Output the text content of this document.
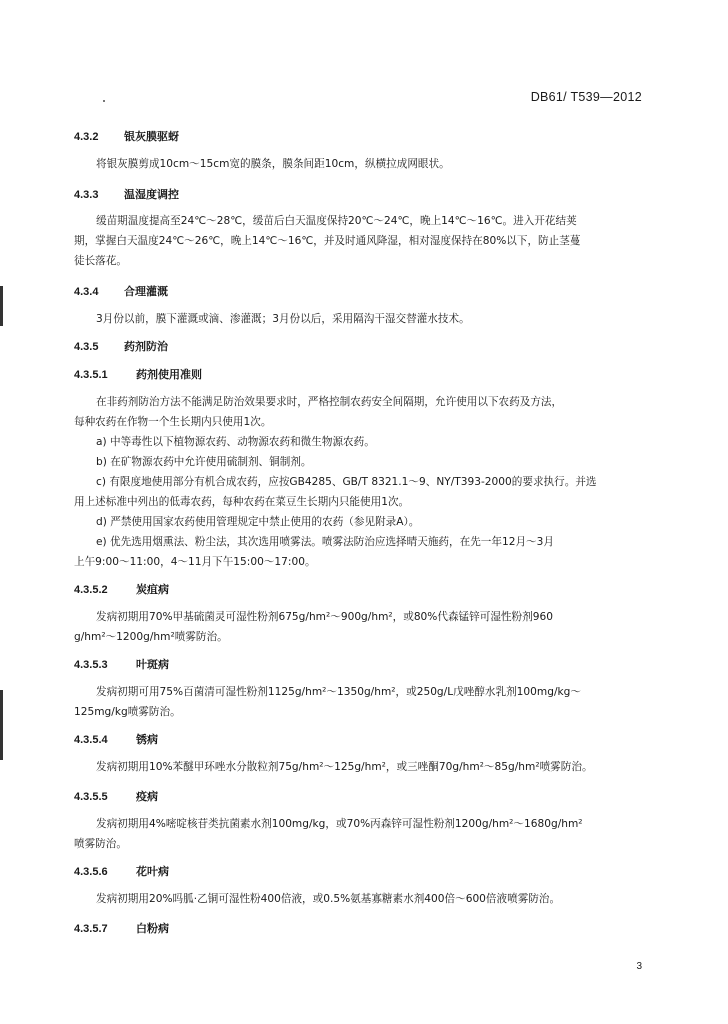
DB61/ T539—2012
4.3.2 银灰膜驱蚜
将银灰膜剪成10cm～15cm宽的膜条，膜条间距10cm，纵横拉成网眼状。
4.3.3 温湿度调控
缓苗期温度提高至24℃～28℃，缓苗后白天温度保持20℃～24℃，晚上14℃～16℃。进入开花结荚
期，掌握白天温度24℃～26℃，晚上14℃～16℃，并及时通风降湿，相对湿度保持在80%以下，防止茎蔓
徒长落花。
4.3.4 合理灌溉
3月份以前，膜下灌溉或滴、渗灌溉；3月份以后，采用隔沟干湿交替灌水技术。
4.3.5 药剂防治
4.3.5.1	药剂使用准则
在非药剂防治方法不能满足防治效果要求时，严格控制农药安全间隔期，允许使用以下农药及方法，
每种农药在作物一个生长期内只使用1次。
a) 中等毒性以下植物源农药、动物源农药和微生物源农药。
b) 在矿物源农药中允许使用硫制剂、铜制剂。
c) 有限度地使用部分有机合成农药，应按GB4285、GB/T 8321.1～9、NY/T393-2000的要求执行。并选
用上述标准中列出的低毒农药，每种农药在菜豆生长期内只能使用1次。
d) 严禁使用国家农药使用管理规定中禁止使用的农药（参见附录A）。
e) 优先选用烟熏法、粉尘法，其次选用喷雾法。喷雾法防治应选择晴天施药，在先一年12月～3月
上午9:00～11:00，4～11月下午15:00～17:00。
4.3.5.2	炭疽病
发病初期用70%甲基硫菌灵可湿性粉剂675g/hm²～900g/hm²，或80%代森锰锌可湿性粉剂960
g/hm²～1200g/hm²喷雾防治。
4.3.5.3	叶斑病
发病初期可用75%百菌清可湿性粉剂1125g/hm²～1350g/hm²，或250g/L戊唑醇水乳剂100mg/kg～
125mg/kg喷雾防治。
4.3.5.4	锈病
发病初期用10%苯醚甲环唑水分散粒剂75g/hm²～125g/hm²，或三唑酮70g/hm²～85g/hm²喷雾防治。
4.3.5.5	疫病
发病初期用4%嘧啶核苷类抗菌素水剂100mg/kg，或70%丙森锌可湿性粉剂1200g/hm²～1680g/hm²
喷雾防治。
4.3.5.6	花叶病
发病初期用20%吗胍·乙铜可湿性粉400倍液，或0.5%氨基寡糖素水剂400倍～600倍液喷雾防治。
4.3.5.7	白粉病
3
